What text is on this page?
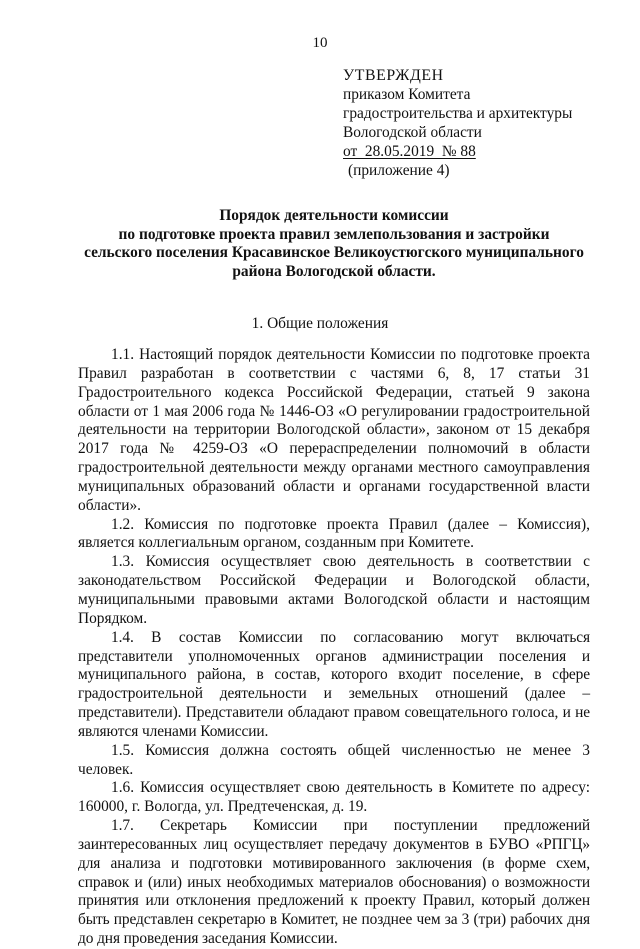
10
УТВЕРЖДЕН
приказом Комитета
градостроительства и архитектуры
Вологодской области
от  28.05.2019  № 88
(приложение 4)
Порядок деятельности комиссии
по подготовке проекта правил землепользования и застройки
сельского поселения Красавинское Великоустюгского муниципального
района Вологодской области.
1. Общие положения

1.1. Настоящий порядок деятельности Комиссии по подготовке проекта Правил разработан в соответствии с частями 6, 8, 17 статьи 31 Градостроительного кодекса Российской Федерации, статьей 9 закона области от 1 мая 2006 года № 1446-ОЗ «О регулировании градостроительной деятельности на территории Вологодской области», законом от 15 декабря 2017 года № 4259-ОЗ «О перераспределении полномочий в области градостроительной деятельности между органами местного самоуправления муниципальных образований области и органами государственной власти области».

1.2. Комиссия по подготовке проекта Правил (далее – Комиссия), является коллегиальным органом, созданным при Комитете.

1.3. Комиссия осуществляет свою деятельность в соответствии с законодательством Российской Федерации и Вологодской области, муниципальными правовыми актами Вологодской области и настоящим Порядком.

1.4. В состав Комиссии по согласованию могут включаться представители уполномоченных органов администрации поселения и муниципального района, в состав, которого входит поселение, в сфере градостроительной деятельности и земельных отношений (далее – представители). Представители обладают правом совещательного голоса, и не являются членами Комиссии.

1.5. Комиссия должна состоять общей численностью не менее 3 человек.

1.6. Комиссия осуществляет свою деятельность в Комитете по адресу: 160000, г. Вологда, ул. Предтеченская, д. 19.

1.7. Секретарь Комиссии при поступлении предложений заинтересованных лиц осуществляет передачу документов в БУВО «РПГЦ» для анализа и подготовки мотивированного заключения (в форме схем, справок и (или) иных необходимых материалов обоснования) о возможности принятия или отклонения предложений к проекту Правил, который должен быть представлен секретарю в Комитет, не позднее чем за 3 (три) рабочих дня до дня проведения заседания Комиссии.
